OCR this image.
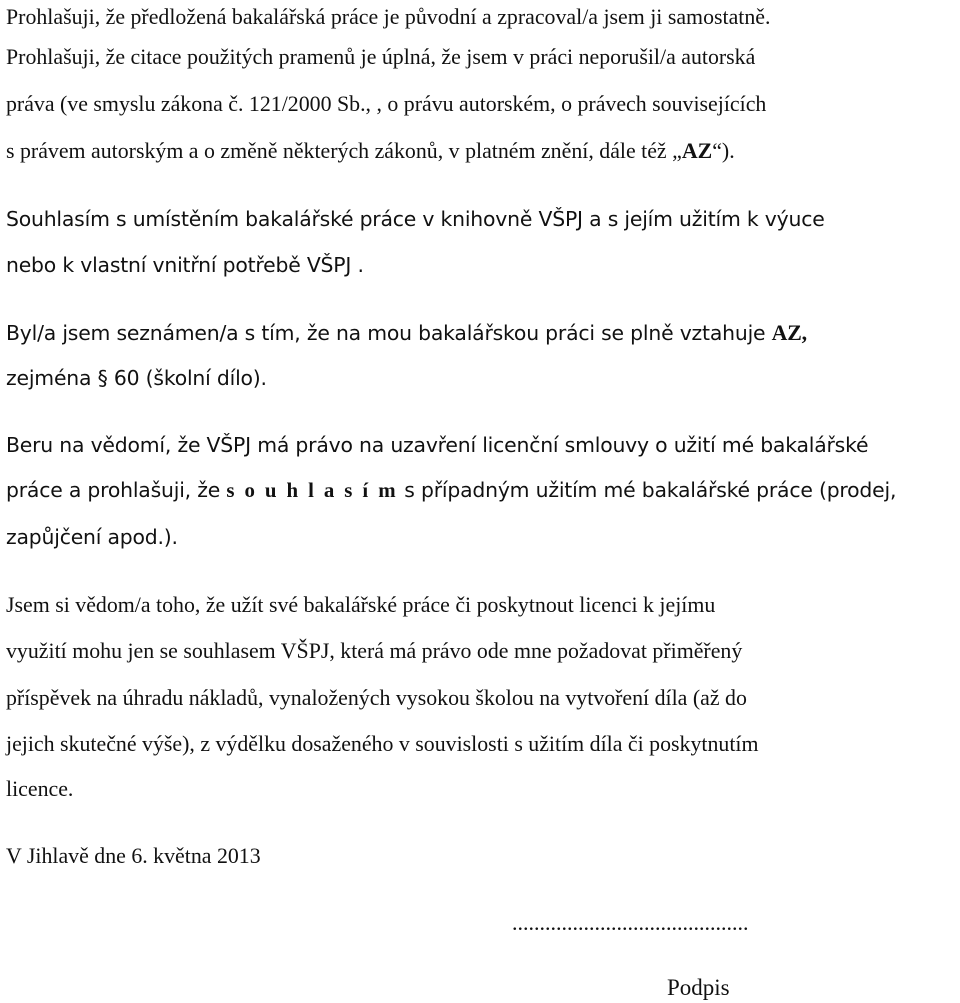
Prohlašuji, že předložená bakalářská práce je původní a zpracoval/a jsem ji samostatně.
Prohlašuji, že citace použitých pramenů je úplná, že jsem v práci neporušil/a autorská
práva (ve smyslu zákona č. 121/2000 Sb., , o právu autorském, o právech souvisejících
s právem autorským a o změně některých zákonů, v platném znění, dále též „AZ“).
Souhlasím s umístěním bakalářské práce v knihovně VŠPJ a s jejím užitím k výuce
nebo k vlastní vnitřní potřebě VŠPJ .
Byl/a jsem seznámen/a s tím, že na mou bakalářskou práci se plně vztahuje AZ,
zejména § 60 (školní dílo).
Beru na vědomí, že VŠPJ má právo na uzavření licenční smlouvy o užití mé bakalářské
práce a prohlašuji, že s o u h l a s í m s případným užitím mé bakalářské práce (prodej,
zapůjčení apod.).
Jsem si vědom/a toho, že užít své bakalářské práce či poskytnout licenci k jejímu
využití mohu jen se souhlasem VŠPJ, která má právo ode mne požadovat přiměřený
příspěvek na úhradu nákladů, vynaložených vysokou školou na vytvoření díla (až do
jejich skutečné výše), z výdělku dosaženého v souvislosti s užitím díla či poskytnutím
licence.
V Jihlavě dne 6. května 2013
...........................................
Podpis
